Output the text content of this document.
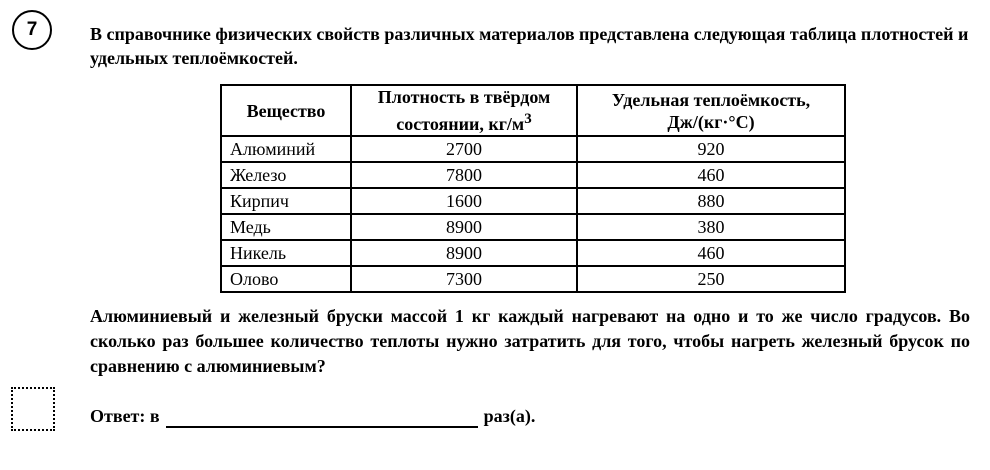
7	В справочнике физических свойств различных материалов представлена следующая таблица плотностей и удельных теплоёмкостей.
Вещество	Плотность в твёрдом состоянии, $кг/м^3$	Удельная теплоёмкость,
Дж/(кг·°С)
Алюминий	2700	920
Железо	7800	460
Кирпич	1600	880
Медь	8900	380
Никель	8900	460
Олово	7300	250
Алюминиевый и железный бруски массой 1 кг каждый нагревают на одно и то же число градусов. Во сколько раз большее количество теплоты нужно затратить для того, чтобы нагреть железный брусок по сравнению с алюминиевым?
Ответ: в	раз(а).
